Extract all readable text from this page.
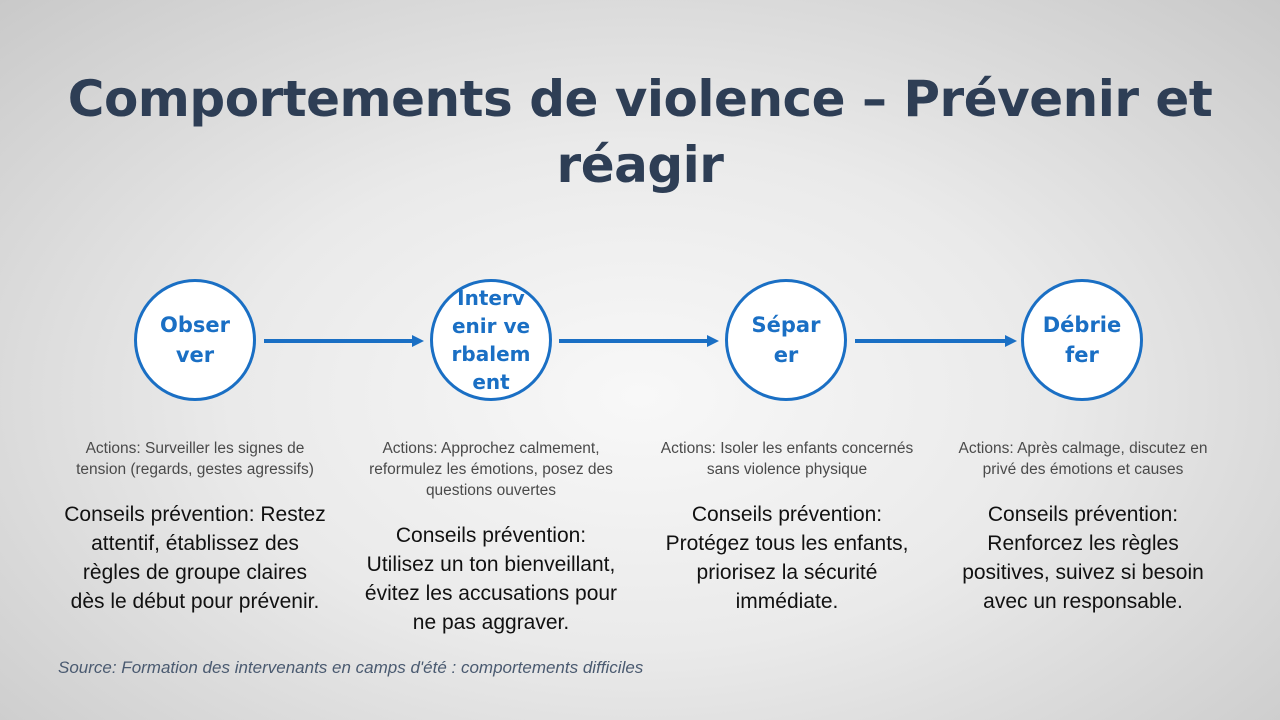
Comportements de violence – Prévenir et réagir
Observer
Intervenir verbalement
Séparer
Débriefer
Actions: Surveiller les signes de tension (regards, gestes agressifs)
Actions: Approchez calmement, reformulez les émotions, posez des questions ouvertes
Actions: Isoler les enfants concernés sans violence physique
Actions: Après calmage, discutez en privé des émotions et causes
Conseils prévention: Restez attentif, établissez des règles de groupe claires dès le début pour prévenir.
Conseils prévention: Utilisez un ton bienveillant, évitez les accusations pour ne pas aggraver.
Conseils prévention: Protégez tous les enfants, priorisez la sécurité immédiate.
Conseils prévention: Renforcez les règles positives, suivez si besoin avec un responsable.
Source: Formation des intervenants en camps d'été : comportements difficiles
